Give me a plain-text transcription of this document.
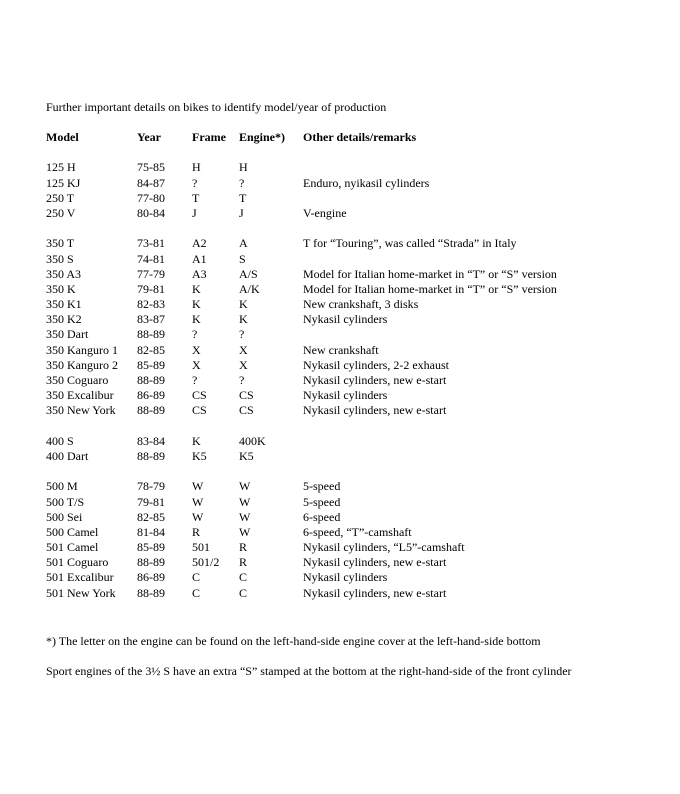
Further important details on bikes to identify model/year of production
Model	Year	Frame Engine*) Other details/remarks
125 H	75-85 H	H
125 KJ	84-87 ?	?	Enduro, nyikasil cylinders
250 T	77-80 T	T
250 V	80-84 J	J	V-engine
350 T	73-81 A2	A	T for “Touring”, was called “Strada” in Italy
350 S	74-81 A1	S
350 A3	77-79 A3	A/S	Model for Italian home-market in “T” or “S” version
350 K	79-81 K	A/K	Model for Italian home-market in “T” or “S” version
350 K1	82-83 K	K	New crankshaft, 3 disks
350 K2	83-87 K	K	Nykasil cylinders
350 Dart	88-89 ?	?
350 Kanguro 1 82-85 X	X	New crankshaft
350 Kanguro 2 85-89 X	X	Nykasil cylinders, 2-2 exhaust
350 Coguaro 88-89 ?	?	Nykasil cylinders, new e-start
350 Excalibur 86-89 CS	CS	Nykasil cylinders
350 New York 88-89 CS	CS	Nykasil cylinders, new e-start
400 S	83-84 K	400K
400 Dart	88-89 K5	K5
500 M	78-79 W	W	5-speed
500 T/S	79-81 W	W	5-speed
500 Sei	82-85 W	W	6-speed
500 Camel	81-84 R	W	6-speed, “T”-camshaft
501 Camel	85-89 501 R	Nykasil cylinders, “L5”-camshaft
501 Coguaro 88-89 501/2 R	Nykasil cylinders, new e-start
501 Excalibur 86-89 C	C	Nykasil cylinders
501 New York 88-89 C	C	Nykasil cylinders, new e-start
*) The letter on the engine can be found on the left-hand-side engine cover at the left-hand-side bottom
Sport engines of the 3½ S have an extra “S” stamped at the bottom at the right-hand-side of the front cylinder
